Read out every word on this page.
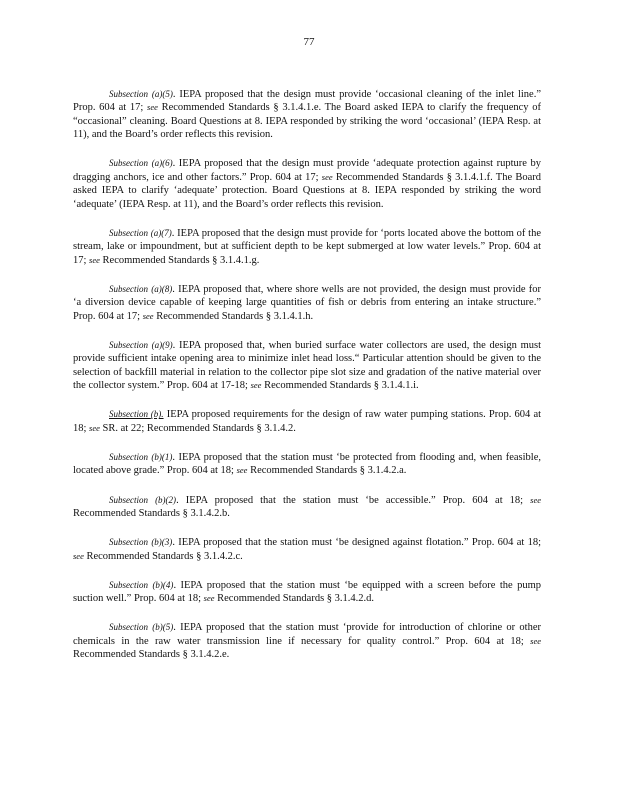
77

Subsection (a)(5). IEPA proposed that the design must provide ‘occasional cleaning of the inlet line.” Prop. 604 at 17; see Recommended Standards § 3.1.4.1.e. The Board asked IEPA to clarify the frequency of “occasional” cleaning. Board Questions at 8. IEPA responded by striking the word ‘occasional’ (IEPA Resp. at 11), and the Board’s order reflects this revision.

Subsection (a)(6). IEPA proposed that the design must provide ‘adequate protection against rupture by dragging anchors, ice and other factors.” Prop. 604 at 17; see Recommended Standards § 3.1.4.1.f. The Board asked IEPA to clarify ‘adequate’ protection. Board Questions at 8. IEPA responded by striking the word ‘adequate’ (IEPA Resp. at 11), and the Board’s order reflects this revision.

Subsection (a)(7). IEPA proposed that the design must provide for ‘ports located above the bottom of the stream, lake or impoundment, but at sufficient depth to be kept submerged at low water levels.” Prop. 604 at 17; see Recommended Standards § 3.1.4.1.g.

Subsection (a)(8). IEPA proposed that, where shore wells are not provided, the design must provide for ‘a diversion device capable of keeping large quantities of fish or debris from entering an intake structure.” Prop. 604 at 17; see Recommended Standards § 3.1.4.1.h.

Subsection (a)(9). IEPA proposed that, when buried surface water collectors are used, the design must provide sufficient intake opening area to minimize inlet head loss.“ Particular attention should be given to the selection of backfill material in relation to the collector pipe slot size and gradation of the native material over the collector system.” Prop. 604 at 17-18; see Recommended Standards § 3.1.4.1.i.

Subsection (b). IEPA proposed requirements for the design of raw water pumping stations. Prop. 604 at 18; see SR. at 22; Recommended Standards § 3.1.4.2.

Subsection (b)(1). IEPA proposed that the station must ‘be protected from flooding and, when feasible, located above grade.” Prop. 604 at 18; see Recommended Standards § 3.1.4.2.a.

Subsection (b)(2). IEPA proposed that the station must ‘be accessible.” Prop. 604 at 18; see Recommended Standards § 3.1.4.2.b.

Subsection (b)(3). IEPA proposed that the station must ‘be designed against flotation.” Prop. 604 at 18; see Recommended Standards § 3.1.4.2.c.

Subsection (b)(4). IEPA proposed that the station must ‘be equipped with a screen before the pump suction well.” Prop. 604 at 18; see Recommended Standards § 3.1.4.2.d.

Subsection (b)(5). IEPA proposed that the station must ‘provide for introduction of chlorine or other chemicals in the raw water transmission line if necessary for quality control.” Prop. 604 at 18; see Recommended Standards § 3.1.4.2.e.
